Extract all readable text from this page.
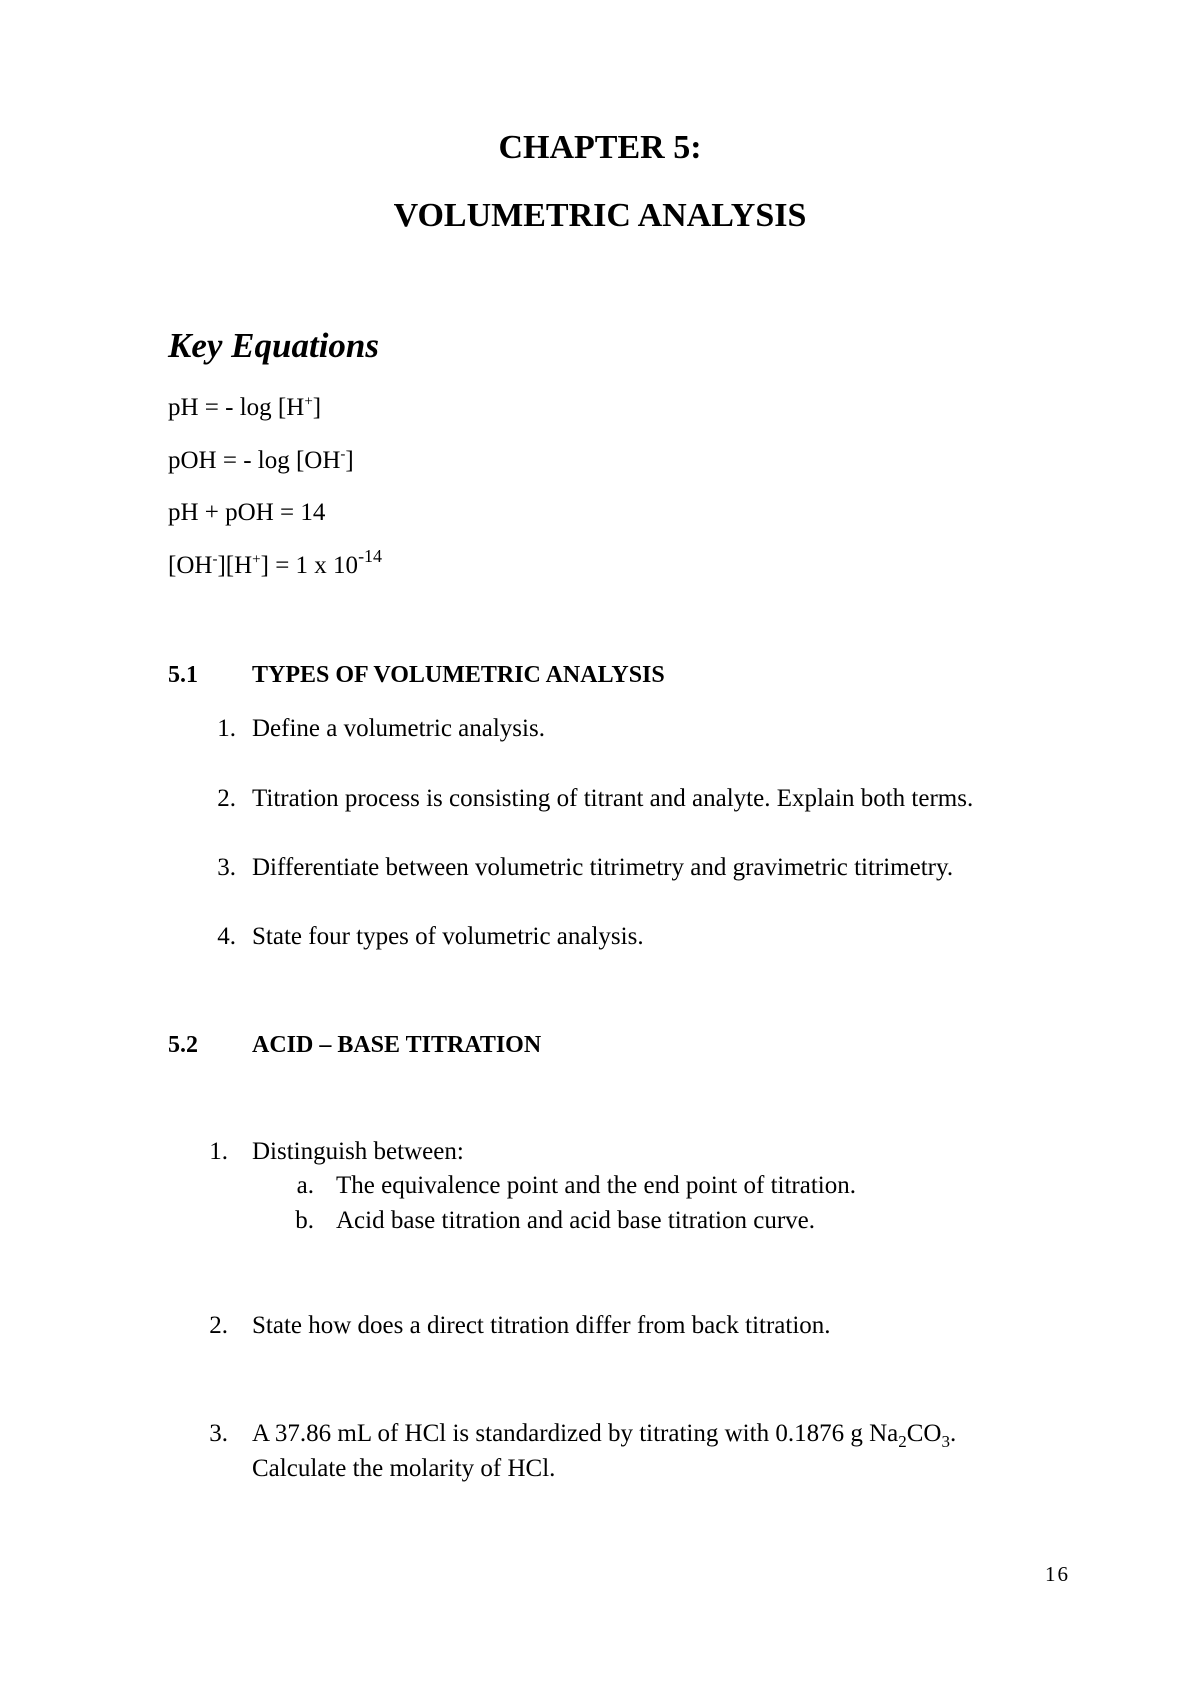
CHAPTER 5:
VOLUMETRIC ANALYSIS
Key Equations
pH = - log [H+]
pOH = - log [OH-]
pH + pOH = 14
[OH-][H+] = 1 x $10^{-14}$
5.1 TYPES OF VOLUMETRIC ANALYSIS
1. Define a volumetric analysis.
2. Titration process is consisting of titrant and analyte. Explain both terms.
3. Differentiate between volumetric titrimetry and gravimetric titrimetry.
4. State four types of volumetric analysis.
5.2 ACID – BASE TITRATION
1. Distinguish between:
a. The equivalence point and the end point of titration.
b. Acid base titration and acid base titration curve.
2. State how does a direct titration differ from back titration.
3. A 37.86 mL of HCl is standardized by titrating with 0.1876 g $Na_2CO_3$.
Calculate the molarity of HCl.
16
